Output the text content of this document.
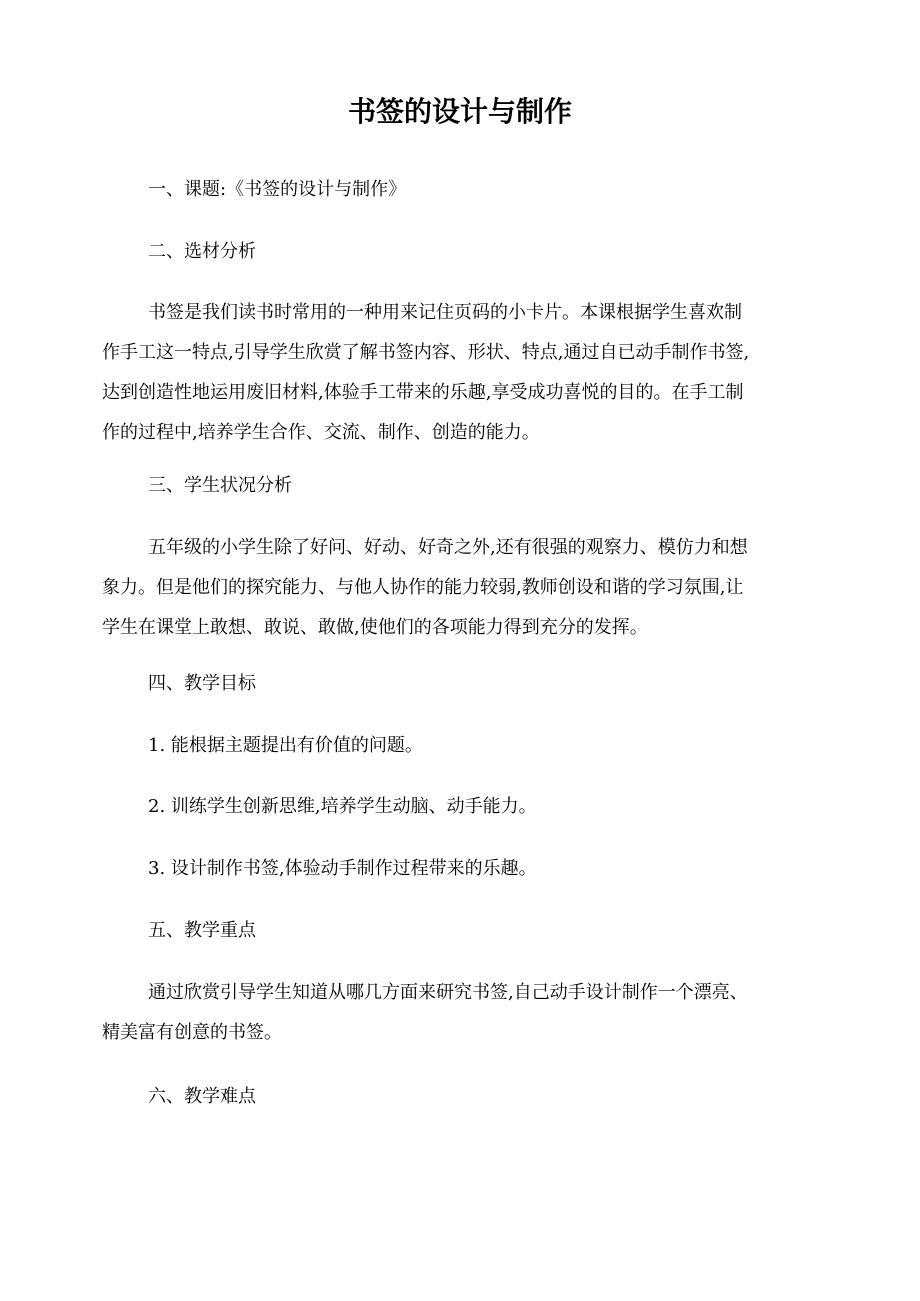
书签的设计与制作

一、课题:《书签的设计与制作》

二、选材分析

书签是我们读书时常用的一种用来记住页码的小卡片。本课根据学生喜欢制
作手工这一特点,引导学生欣赏了解书签内容、形状、特点,通过自已动手制作书签,
达到创造性地运用废旧材料,体验手工带来的乐趣,享受成功喜悦的目的。在手工制
作的过程中,培养学生合作、交流、制作、创造的能力。

三、学生状况分析

五年级的小学生除了好问、好动、好奇之外,还有很强的观察力、模仿力和想
象力。但是他们的探究能力、与他人协作的能力较弱,教师创设和谐的学习氛围,让
学生在课堂上敢想、敢说、敢做,使他们的各项能力得到充分的发挥。

四、教学目标

1. 能根据主题提出有价值的问题。

2. 训练学生创新思维,培养学生动脑、动手能力。

3. 设计制作书签,体验动手制作过程带来的乐趣。

五、教学重点

通过欣赏引导学生知道从哪几方面来研究书签,自己动手设计制作一个漂亮、
精美富有创意的书签。

六、教学难点
